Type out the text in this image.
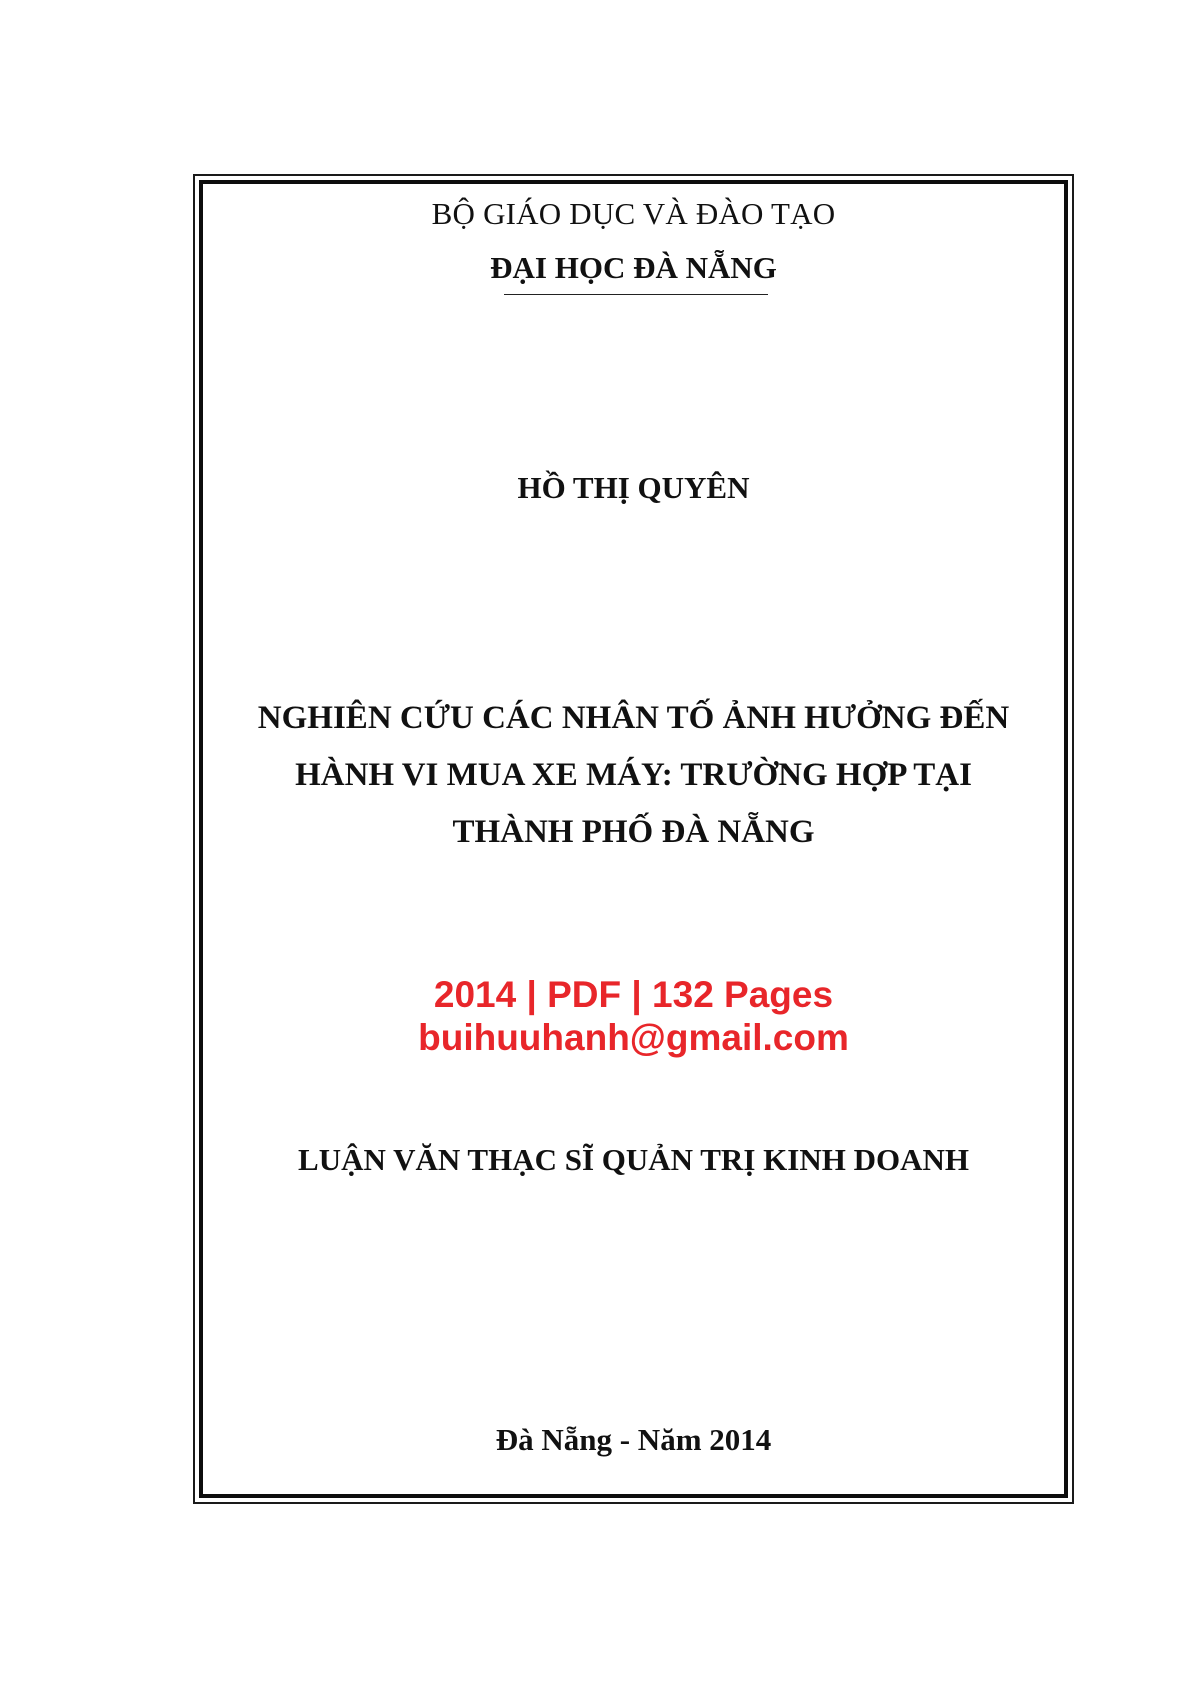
BỘ GIÁO DỤC VÀ ĐÀO TẠO
ĐẠI HỌC ĐÀ NẴNG
HỒ THỊ QUYÊN
NGHIÊN CỨU CÁC NHÂN TỐ ẢNH HƯỞNG ĐẾN
HÀNH VI MUA XE MÁY: TRƯỜNG HỢP TẠI
THÀNH PHỐ ĐÀ NẴNG
2014 | PDF | 132 Pages
buihuuhanh@gmail.com
LUẬN VĂN THẠC SĨ QUẢN TRỊ KINH DOANH
Đà Nẵng - Năm 2014
